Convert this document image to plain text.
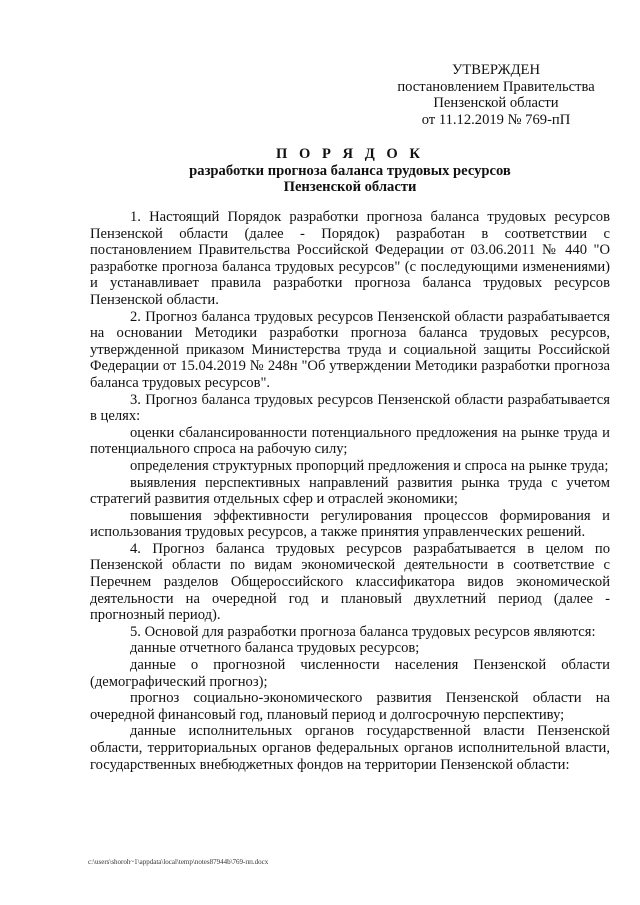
УТВЕРЖДЕН
постановлением Правительства
Пензенской области
от 11.12.2019 № 769-пП
П О Р Я Д О К
разработки прогноза баланса трудовых ресурсов
Пензенской области

1. Настоящий Порядок разработки прогноза баланса трудовых ресурсов Пензенской области (далее - Порядок) разработан в соответствии с постановлением Правительства Российской Федерации от 03.06.2011 № 440 "О разработке прогноза баланса трудовых ресурсов" (с последующими изменениями) и устанавливает правила разработки прогноза баланса трудовых ресурсов Пензенской области.

2. Прогноз баланса трудовых ресурсов Пензенской области разрабатывается на основании Методики разработки прогноза баланса трудовых ресурсов, утвержденной приказом Министерства труда и социальной защиты Российской Федерации от 15.04.2019 № 248н "Об утверждении Методики разработки прогноза баланса трудовых ресурсов".

3. Прогноз баланса трудовых ресурсов Пензенской области разрабатывается в целях:

оценки сбалансированности потенциального предложения на рынке труда и потенциального спроса на рабочую силу;

определения структурных пропорций предложения и спроса на рынке труда;

выявления перспективных направлений развития рынка труда с учетом стратегий развития отдельных сфер и отраслей экономики;

повышения эффективности регулирования процессов формирования и использования трудовых ресурсов, а также принятия управленческих решений.

4. Прогноз баланса трудовых ресурсов разрабатывается в целом по Пензенской области по видам экономической деятельности в соответствие с Перечнем разделов Общероссийского классификатора видов экономической деятельности на очередной год и плановый двухлетний период (далее - прогнозный период).

5. Основой для разработки прогноза баланса трудовых ресурсов являются:

данные отчетного баланса трудовых ресурсов;

данные о прогнозной численности населения Пензенской области (демографический прогноз);

прогноз социально-экономического развития Пензенской области на очередной финансовый год, плановый период и долгосрочную перспективу;

данные исполнительных органов государственной власти Пензенской области, территориальных органов федеральных органов исполнительной власти, государственных внебюджетных фондов на территории Пензенской области:

c:\users\shoroh~1\appdata\local\temp\notes87944b\769-пп.docx
